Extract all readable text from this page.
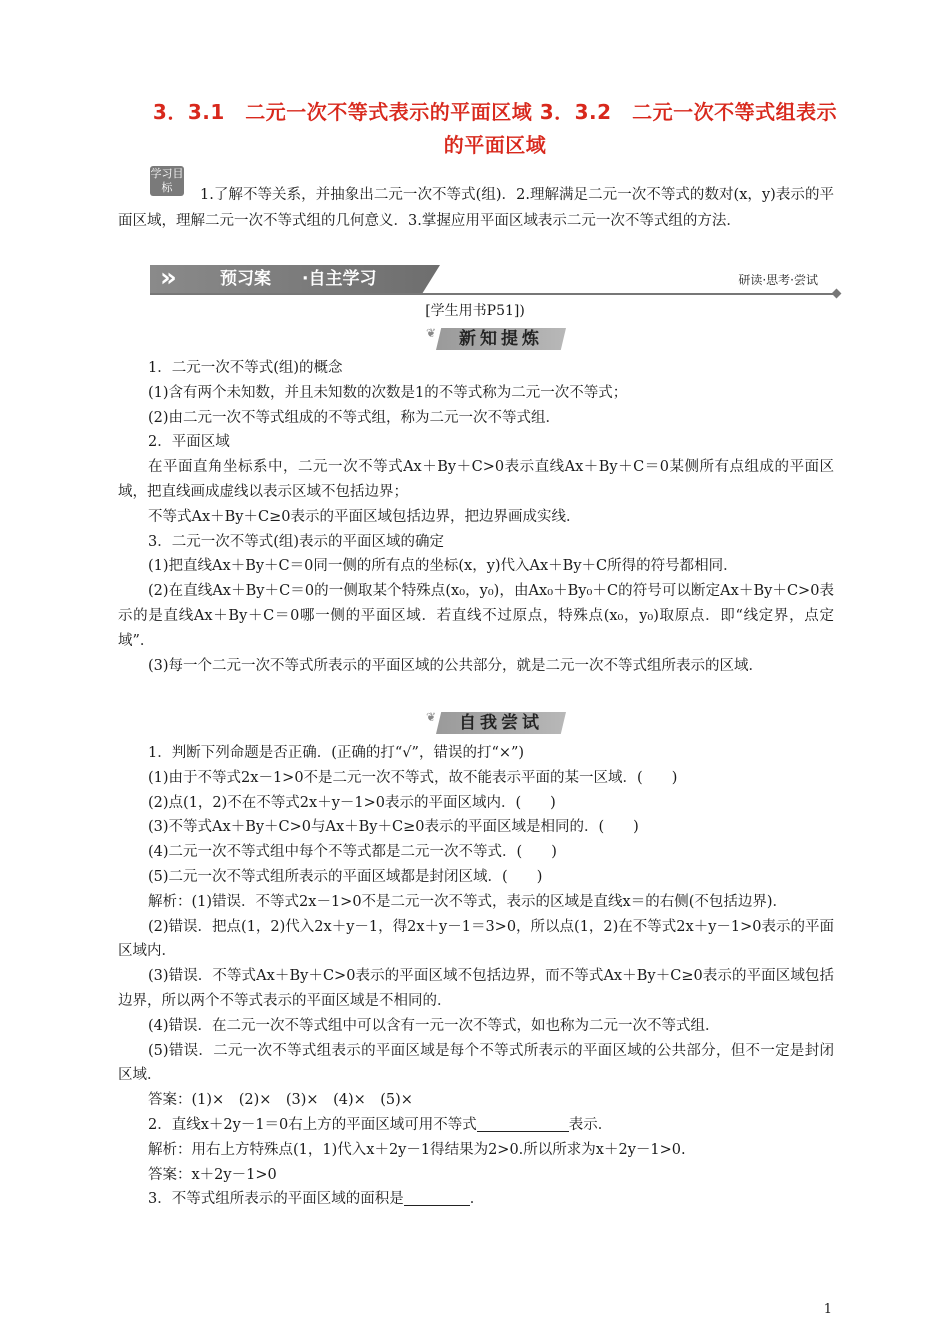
3．3.1　二元一次不等式表示的平面区域 3．3.2　二元一次不等式组表示的平面区域
学习目标	1.了解不等关系，并抽象出二元一次不等式(组)．2.理解满足二元一次不等式的数对(x，y)表示的平面区域，理解二元一次不等式组的几何意义．3.掌握应用平面区域表示二元一次不等式组的方法．
»	预习案 ·自主学习	研读·思考·尝试
[学生用书P51])
❦	新知提炼

1．二元一次不等式(组)的概念

(1)含有两个未知数，并且未知数的次数是1的不等式称为二元一次不等式；

(2)由二元一次不等式组成的不等式组，称为二元一次不等式组．

2．平面区域

在平面直角坐标系中，二元一次不等式Ax＋By＋C>0表示直线Ax＋By＋C＝0某侧所有点组成的平面区域，把直线画成虚线以表示区域不包括边界；

不等式Ax＋By＋C≥0表示的平面区域包括边界，把边界画成实线．

3．二元一次不等式(组)表示的平面区域的确定

(1)把直线Ax＋By＋C＝0同一侧的所有点的坐标(x，y)代入Ax＋By＋C所得的符号都相同．

(2)在直线Ax＋By＋C＝0的一侧取某个特殊点(x₀，y₀)，由Ax₀＋By₀＋C的符号可以断定Ax＋By＋C>0表示的是直线Ax＋By＋C＝0哪一侧的平面区域．若直线不过原点，特殊点(x₀，y₀)取原点．即“线定界，点定域”．

(3)每一个二元一次不等式所表示的平面区域的公共部分，就是二元一次不等式组所表示的区域．

❦	自我尝试

1．判断下列命题是否正确．(正确的打“√”，错误的打“×”)

(1)由于不等式2x－1>0不是二元一次不等式，故不能表示平面的某一区域．(　　)

(2)点(1，2)不在不等式2x＋y－1>0表示的平面区域内．(　　)

(3)不等式Ax＋By＋C>0与Ax＋By＋C≥0表示的平面区域是相同的．(　　)

(4)二元一次不等式组中每个不等式都是二元一次不等式．(　　)

(5)二元一次不等式组所表示的平面区域都是封闭区域．(　　)

解析：(1)错误．不等式2x－1>0不是二元一次不等式，表示的区域是直线x＝的右侧(不包括边界)．

(2)错误．把点(1，2)代入2x＋y－1，得2x＋y－1＝3>0，所以点(1，2)在不等式2x＋y－1>0表示的平面区域内．

(3)错误．不等式Ax＋By＋C>0表示的平面区域不包括边界，而不等式Ax＋By＋C≥0表示的平面区域包括边界，所以两个不等式表示的平面区域是不相同的．

(4)错误．在二元一次不等式组中可以含有一元一次不等式，如也称为二元一次不等式组．

(5)错误．二元一次不等式组表示的平面区域是每个不等式所表示的平面区域的公共部分，但不一定是封闭区域．

答案：(1)×　(2)×　(3)×　(4)×　(5)×

2．直线x＋2y－1＝0右上方的平面区域可用不等式	表示．

解析：用右上方特殊点(1，1)代入x＋2y－1得结果为2>0.所以所求为x＋2y－1>0.

答案：x＋2y－1>0

3．不等式组所表示的平面区域的面积是	．

1
